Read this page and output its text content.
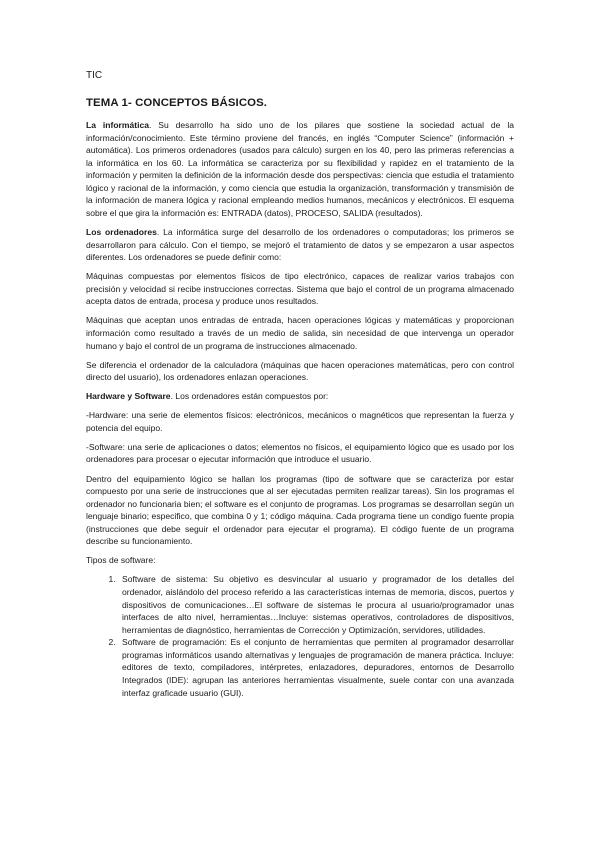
TIC
TEMA 1- CONCEPTOS BÁSICOS.

La informática. Su desarrollo ha sido uno de los pilares que sostiene la sociedad actual de la información/conocimiento. Este término proviene del francés, en inglés “Computer Science” (información + automática). Los primeros ordenadores (usados para cálculo) surgen en los 40, pero las primeras referencias a la informática en los 60. La informática se caracteriza por su flexibilidad y rapidez en el tratamiento de la información y permiten la definición de la información desde dos perspectivas: ciencia que estudia el tratamiento lógico y racional de la información, y como ciencia que estudia la organización, transformación y transmisión de la información de manera lógica y racional empleando medios humanos, mecánicos y electrónicos. El esquema sobre el que gira la información es: ENTRADA (datos), PROCESO, SALIDA (resultados).

Los ordenadores. La informática surge del desarrollo de los ordenadores o computadoras; los primeros se desarrollaron para cálculo. Con el tiempo, se mejoró el tratamiento de datos y se empezaron a usar aspectos diferentes. Los ordenadores se puede definir como:

Máquinas compuestas por elementos físicos de tipo electrónico, capaces de realizar varios trabajos con precisión y velocidad si recibe instrucciones correctas. Sistema que bajo el control de un programa almacenado acepta datos de entrada, procesa y produce unos resultados.

Máquinas que aceptan unos entradas de entrada, hacen operaciones lógicas y matemáticas y proporcionan información como resultado a través de un medio de salida, sin necesidad de que intervenga un operador humano y bajo el control de un programa de instrucciones almacenado.

Se diferencia el ordenador de la calculadora (máquinas que hacen operaciones matemáticas, pero con control directo del usuario), los ordenadores enlazan operaciones.

Hardware y Software. Los ordenadores están compuestos por:

-Hardware: una serie de elementos físicos: electrónicos, mecánicos o magnéticos que representan la fuerza y potencia del equipo.

-Software: una serie de aplicaciones o datos; elementos no físicos, el equipamiento lógico que es usado por los ordenadores para procesar o ejecutar información que introduce el usuario.

Dentro del equipamiento lógico se hallan los programas (tipo de software que se caracteriza por estar compuesto por una serie de instrucciones que al ser ejecutadas permiten realizar tareas). Sin los programas el ordenador no funcionaria bien; el software es el conjunto de programas. Los programas se desarrollan según un lenguaje binario; especifico, que combina 0 y 1; código máquina. Cada programa tiene un condigo fuente propia (instrucciones que debe seguir el ordenador para ejecutar el programa). El código fuente de un programa describe su funcionamiento.

Tipos de software:

1. Software de sistema: Su objetivo es desvincular al usuario y programador de los detalles del ordenador, aislándolo del proceso referido a las características internas de memoria, discos, puertos y dispositivos de comunicaciones…El software de sistemas le procura al usuario/programador unas interfaces de alto nivel, herramientas…Incluye: sistemas operativos, controladores de dispositivos, herramientas de diagnóstico, herramientas de Corrección y Optimización, servidores, utilidades.
2. Software de programación: Es el conjunto de herramientas que permiten al programador desarrollar programas informáticos usando alternativas y lenguajes de programación de manera práctica. Incluye: editores de texto, compiladores, intérpretes, enlazadores, depuradores, entornos de Desarrollo Integrados (IDE): agrupan las anteriores herramientas visualmente, suele contar con una avanzada interfaz graficade usuario (GUI).
